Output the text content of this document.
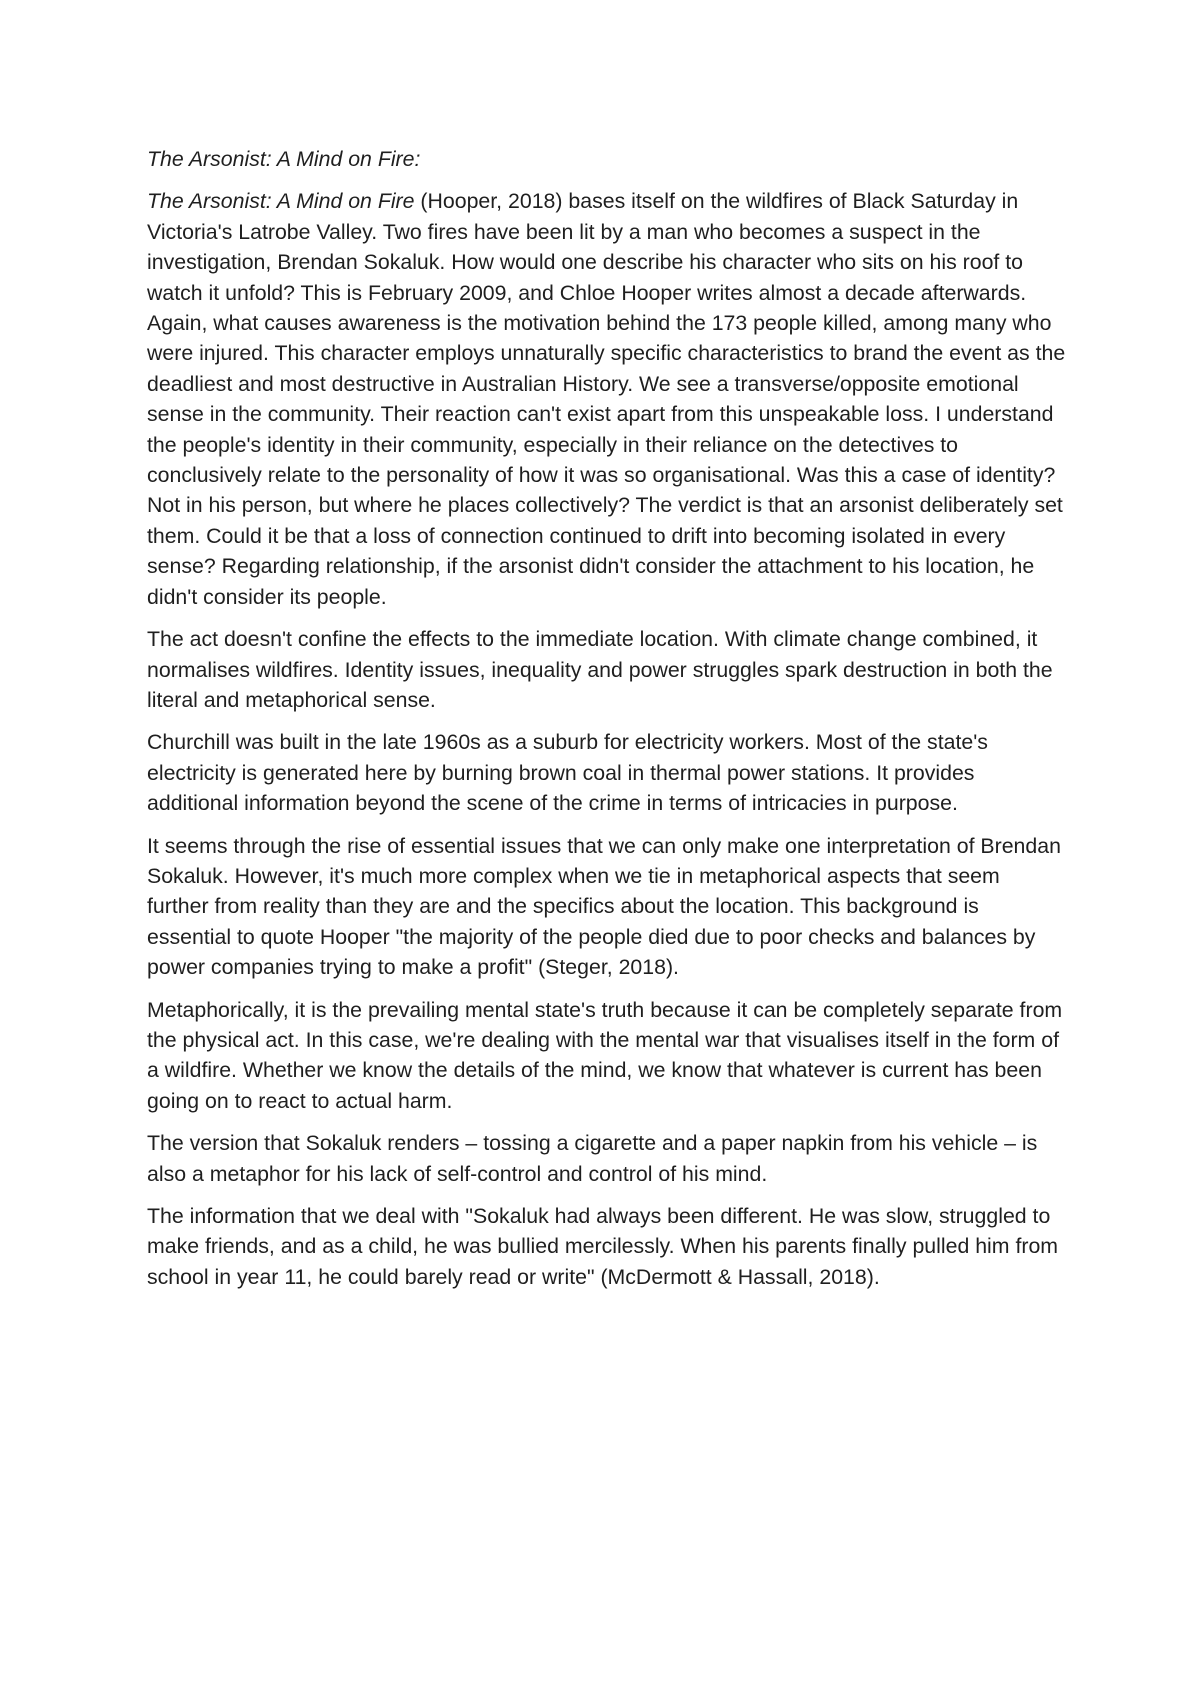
The Arsonist: A Mind on Fire:

The Arsonist: A Mind on Fire (Hooper, 2018) bases itself on the wildfires of Black Saturday in Victoria's Latrobe Valley. Two fires have been lit by a man who becomes a suspect in the investigation, Brendan Sokaluk. How would one describe his character who sits on his roof to watch it unfold? This is February 2009, and Chloe Hooper writes almost a decade afterwards. Again, what causes awareness is the motivation behind the 173 people killed, among many who were injured. This character employs unnaturally specific characteristics to brand the event as the deadliest and most destructive in Australian History. We see a transverse/opposite emotional sense in the community. Their reaction can't exist apart from this unspeakable loss. I understand the people's identity in their community, especially in their reliance on the detectives to conclusively relate to the personality of how it was so organisational. Was this a case of identity? Not in his person, but where he places collectively? The verdict is that an arsonist deliberately set them. Could it be that a loss of connection continued to drift into becoming isolated in every sense? Regarding relationship, if the arsonist didn't consider the attachment to his location, he didn't consider its people.

The act doesn't confine the effects to the immediate location. With climate change combined, it normalises wildfires. Identity issues, inequality and power struggles spark destruction in both the literal and metaphorical sense.

Churchill was built in the late 1960s as a suburb for electricity workers. Most of the state's electricity is generated here by burning brown coal in thermal power stations. It provides additional information beyond the scene of the crime in terms of intricacies in purpose.

It seems through the rise of essential issues that we can only make one interpretation of Brendan Sokaluk. However, it's much more complex when we tie in metaphorical aspects that seem further from reality than they are and the specifics about the location. This background is essential to quote Hooper "the majority of the people died due to poor checks and balances by power companies trying to make a profit" (Steger, 2018).

Metaphorically, it is the prevailing mental state's truth because it can be completely separate from the physical act. In this case, we're dealing with the mental war that visualises itself in the form of a wildfire. Whether we know the details of the mind, we know that whatever is current has been going on to react to actual harm.

The version that Sokaluk renders – tossing a cigarette and a paper napkin from his vehicle – is also a metaphor for his lack of self-control and control of his mind.

The information that we deal with "Sokaluk had always been different. He was slow, struggled to make friends, and as a child, he was bullied mercilessly. When his parents finally pulled him from school in year 11, he could barely read or write" (McDermott & Hassall, 2018).
